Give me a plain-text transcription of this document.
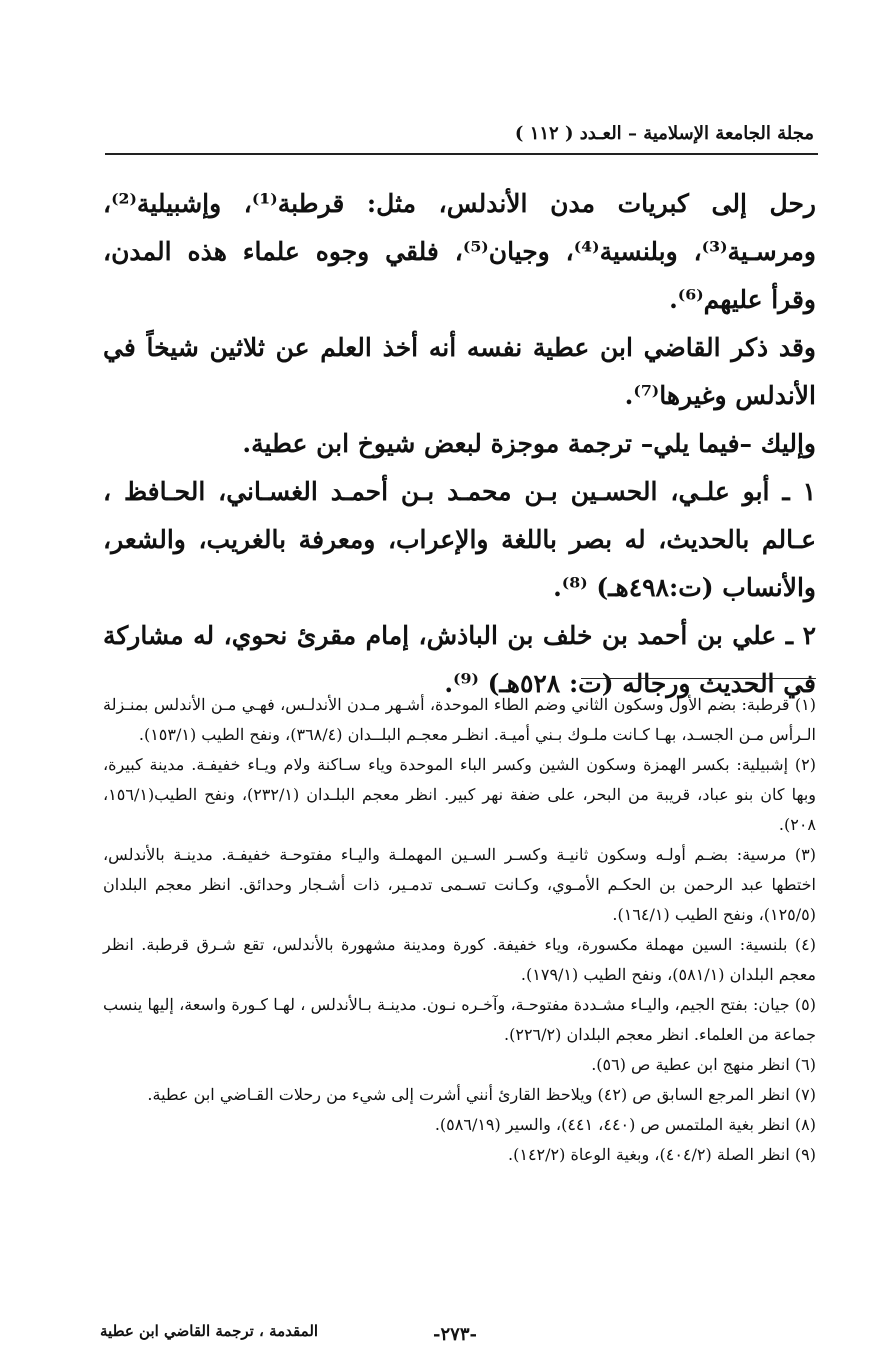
مجلة الجامعة الإسلامية – العـدد ( ١١٢ )

رحل إلى كبريات مدن الأندلس، مثل: قرطبة⁽¹⁾، وإشبيلية⁽²⁾، ومرسـية⁽³⁾، وبلنسية⁽⁴⁾، وجيان⁽⁵⁾، فلقي وجوه علماء هذه المدن، وقرأ عليهم⁽⁶⁾.

وقد ذكر القاضي ابن عطية نفسه أنه أخذ العلم عن ثلاثين شيخاً في الأندلس وغيرها⁽⁷⁾.

وإليك –فيما يلي– ترجمة موجزة لبعض شيوخ ابن عطية.

١ ـ أبو علـي، الحسـين بـن محمـد بـن أحمـد الغسـاني، الحـافظ ، عـالم بالحديث، له بصر باللغة والإعراب، ومعرفة بالغريب، والشعر، والأنساب (ت:٤٩٨هـ) ⁽⁸⁾.

٢ ـ علي بن أحمد بن خلف بن الباذش، إمام مقرئ نحوي، له مشاركة في الحديث ورجاله (ت: ٥٢٨هـ) ⁽⁹⁾.

(١) قرطبة: بضم الأول وسكون الثاني وضم الطاء الموحدة، أشـهر مـدن الأندلـس، فهـي مـن الأندلس بمنـزلة الـرأس مـن الجسـد، بهـا كـانت ملـوك بـني أميـة. انظـر معجـم البلــدان (٣٦٨/٤)، ونفح الطيب (١٥٣/١).

(٢) إشبيلية: بكسر الهمزة وسكون الشين وكسر الباء الموحدة وياء سـاكنة ولام ويـاء خفيفـة. مدينة كبيرة، وبها كان بنو عباد، قريبة من البحر، على ضفة نهر كبير. انظر معجم البلـدان (٢٣٢/١)، ونفح الطيب(١٥٦/١، ٢٠٨).

(٣) مرسية: بضـم أولـه وسكون ثانيـة وكسـر السـين المهملـة واليـاء مفتوحـة خفيفـة. مدينـة بالأندلس، اختطها عبد الرحمن بن الحكـم الأمـوي، وكـانت تسـمى تدمـير، ذات أشـجار وحدائق. انظر معجم البلدان (١٢٥/٥)، ونفح الطيب (١٦٤/١).

(٤) بلنسية: السين مهملة مكسورة، وياء خفيفة. كورة ومدينة مشهورة بالأندلس، تقع شـرق قرطبة. انظر معجم البلدان (٥٨١/١)، ونفح الطيب (١٧٩/١).

(٥) جيان: بفتح الجيم، واليـاء مشـددة مفتوحـة، وآخـره نـون. مدينـة بـالأندلس ، لهـا كـورة واسعة، إليها ينسب جماعة من العلماء. انظر معجم البلدان (٢٢٦/٢).

(٦) انظر منهج ابن عطية ص (٥٦).

(٧) انظر المرجع السابق ص (٤٢) ويلاحظ القارئ أنني أشرت إلى شيء من رحلات القـاضي ابن عطية.

(٨) انظر بغية الملتمس ص (٤٤٠، ٤٤١)، والسير (٥٨٦/١٩).

(٩) انظر الصلة (٤٠٤/٢)، وبغية الوعاة (١٤٢/٢).

المقدمة ، ترجمة القاضي ابن عطية	-٢٧٣-
